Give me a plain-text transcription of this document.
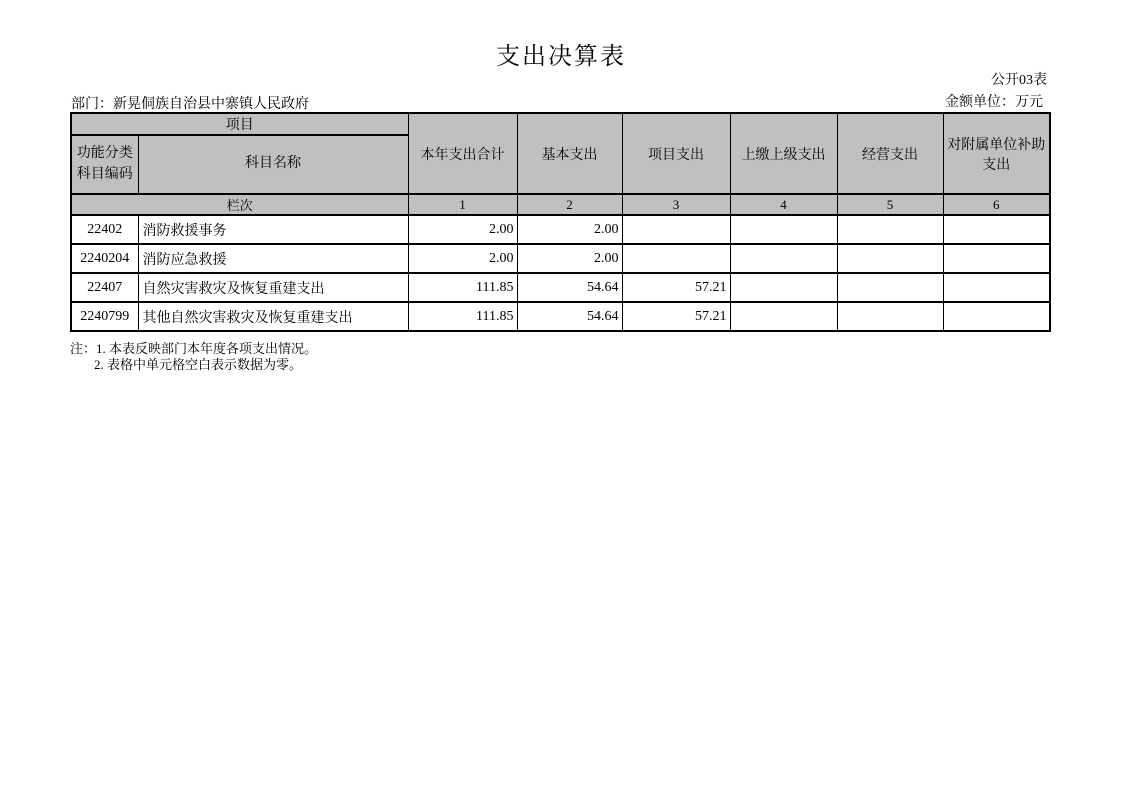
支出决算表
公开03表
部门：新晃侗族自治县中寨镇人民政府	金额单位：万元
项目		本年支出合计	基本支出	项目支出	上缴上级支出	经营支出	对附属单位补助支出
功能分类科目编码	科目名称						
栏次		1	2	3	4	5	6
22402	消防救援事务	2.00	2.00				
2240204	消防应急救援	2.00	2.00				
22407	自然灾害救灾及恢复重建支出	111.85	54.64	57.21			
2240799	其他自然灾害救灾及恢复重建支出	111.85	54.64	57.21			
注：1. 本表反映部门本年度各项支出情况。
2. 表格中单元格空白表示数据为零。
